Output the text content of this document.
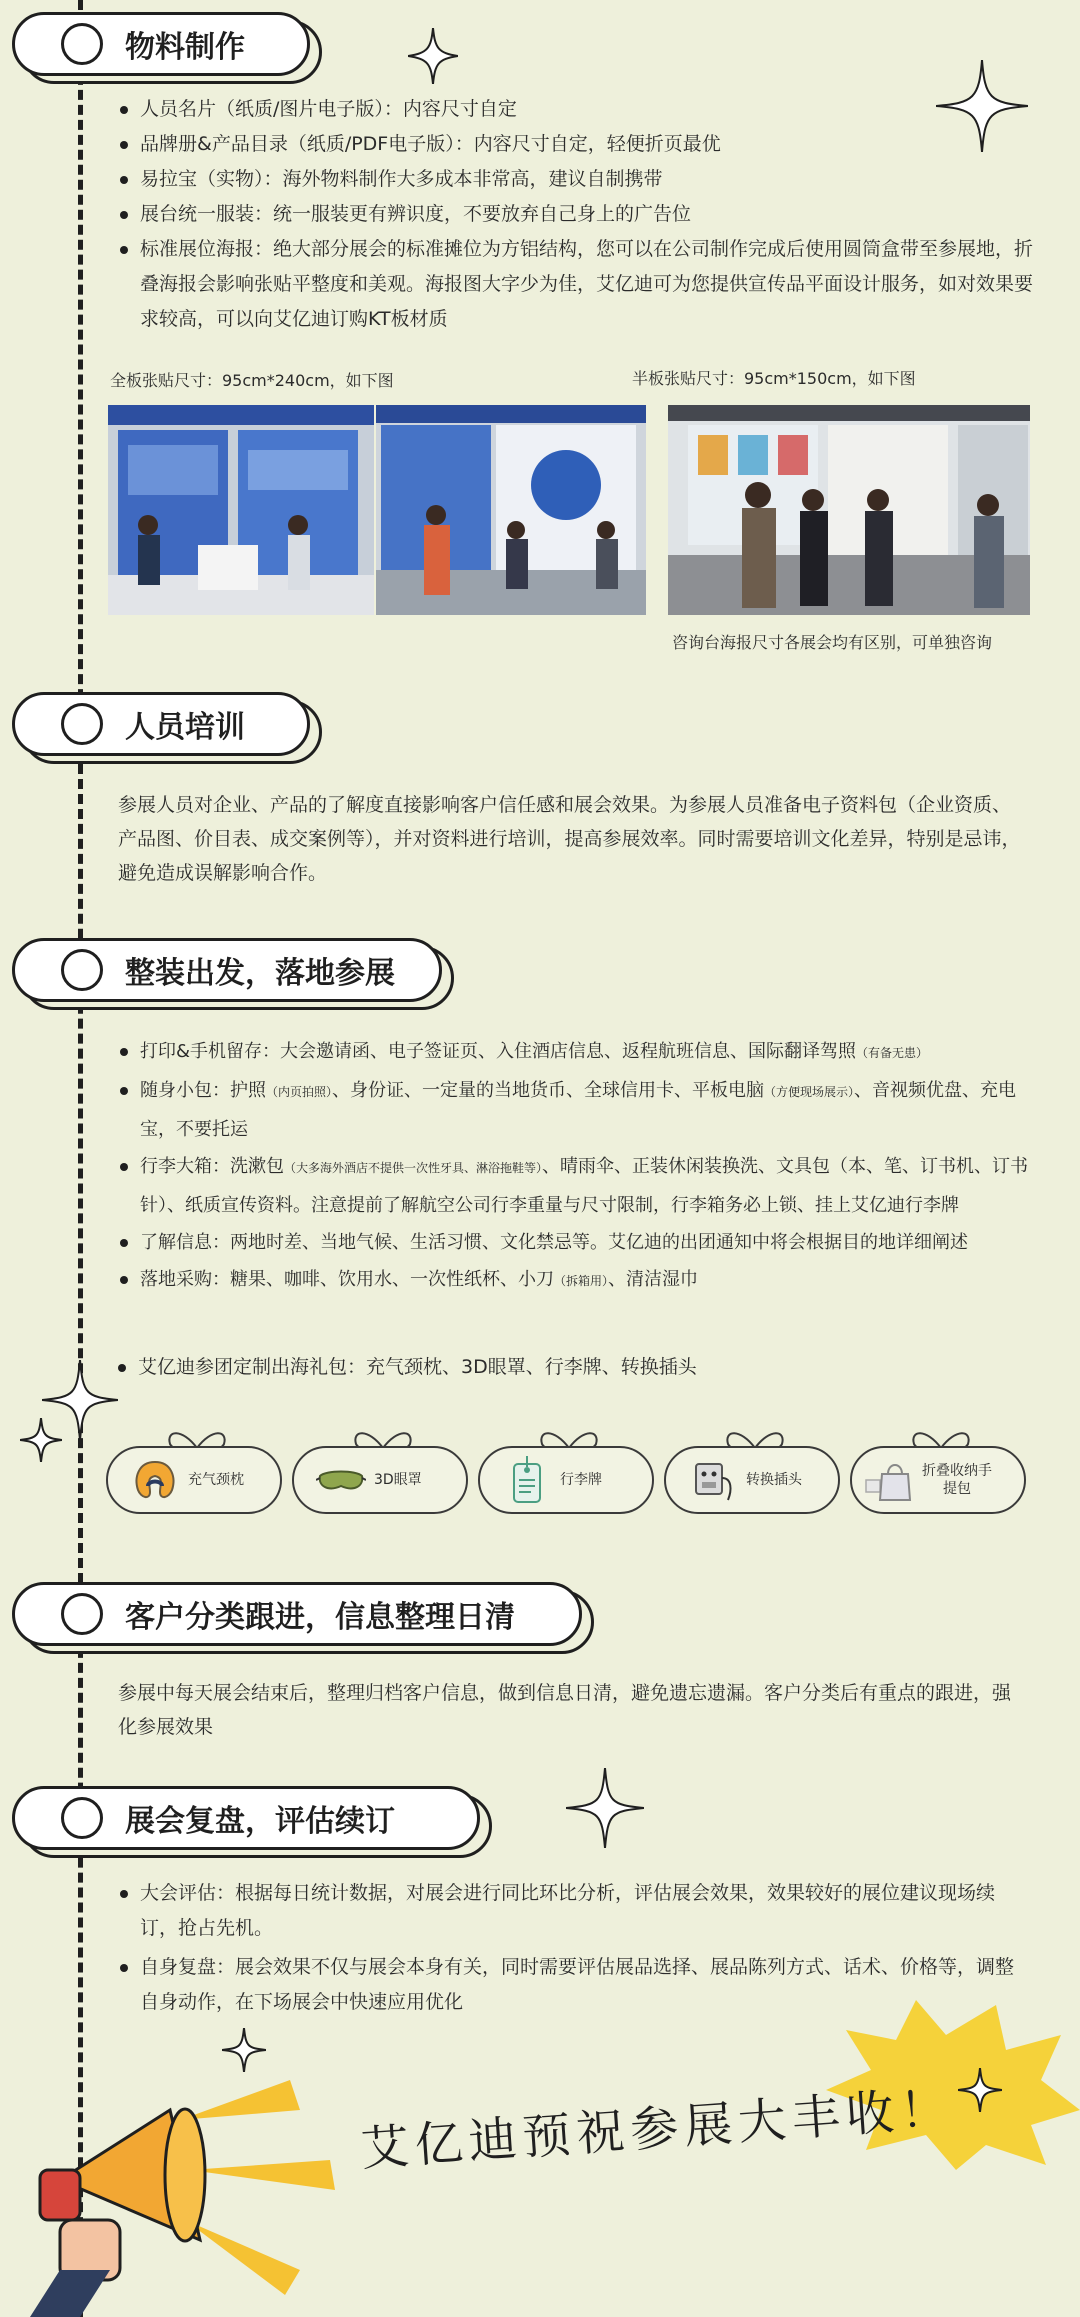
物料制作
人员名片（纸质/图片电子版）：内容尺寸自定
品牌册&产品目录（纸质/PDF电子版）：内容尺寸自定，轻便折页最优
易拉宝（实物）：海外物料制作大多成本非常高，建议自制携带
展台统一服装：统一服装更有辨识度，不要放弃自己身上的广告位
标准展位海报：绝大部分展会的标准摊位为方铝结构，您可以在公司制作完成后使用圆筒盒带至参展地，折叠海报会影响张贴平整度和美观。海报图大字少为佳，艾亿迪可为您提供宣传品平面设计服务，如对效果要求较高，可以向艾亿迪订购KT板材质
全板张贴尺寸：95cm*240cm，如下图	半板张贴尺寸：95cm*150cm，如下图
咨询台海报尺寸各展会均有区别，可单独咨询
人员培训

参展人员对企业、产品的了解度直接影响客户信任感和展会效果。为参展人员准备电子资料包（企业资质、产品图、价目表、成交案例等），并对资料进行培训，提高参展效率。同时需要培训文化差异，特别是忌讳，避免造成误解影响合作。

整装出发，落地参展
打印&手机留存：大会邀请函、电子签证页、入住酒店信息、返程航班信息、国际翻译驾照（有备无患）
随身小包：护照（内页拍照）、身份证、一定量的当地货币、全球信用卡、平板电脑（方便现场展示）、音视频优盘、充电宝，不要托运
行李大箱：洗漱包（大多海外酒店不提供一次性牙具、淋浴拖鞋等）、晴雨伞、正装休闲装换洗、文具包（本、笔、订书机、订书针）、纸质宣传资料。注意提前了解航空公司行李重量与尺寸限制，行李箱务必上锁、挂上艾亿迪行李牌
了解信息：两地时差、当地气候、生活习惯、文化禁忌等。艾亿迪的出团通知中将会根据目的地详细阐述
落地采购：糖果、咖啡、饮用水、一次性纸杯、小刀（拆箱用）、清洁湿巾
艾亿迪参团定制出海礼包：充气颈枕、3D眼罩、行李牌、转换插头
充气颈枕	3D眼罩	行李牌	转换插头
折叠收纳手提包
客户分类跟进，信息整理日清

参展中每天展会结束后，整理归档客户信息，做到信息日清，避免遗忘遗漏。客户分类后有重点的跟进，强化参展效果

展会复盘，评估续订
大会评估：根据每日统计数据，对展会进行同比环比分析，评估展会效果，效果较好的展位建议现场续订，抢占先机。
自身复盘：展会效果不仅与展会本身有关，同时需要评估展品选择、展品陈列方式、话术、价格等，调整自身动作，在下场展会中快速应用优化
艾亿迪预祝参展大丰收！
